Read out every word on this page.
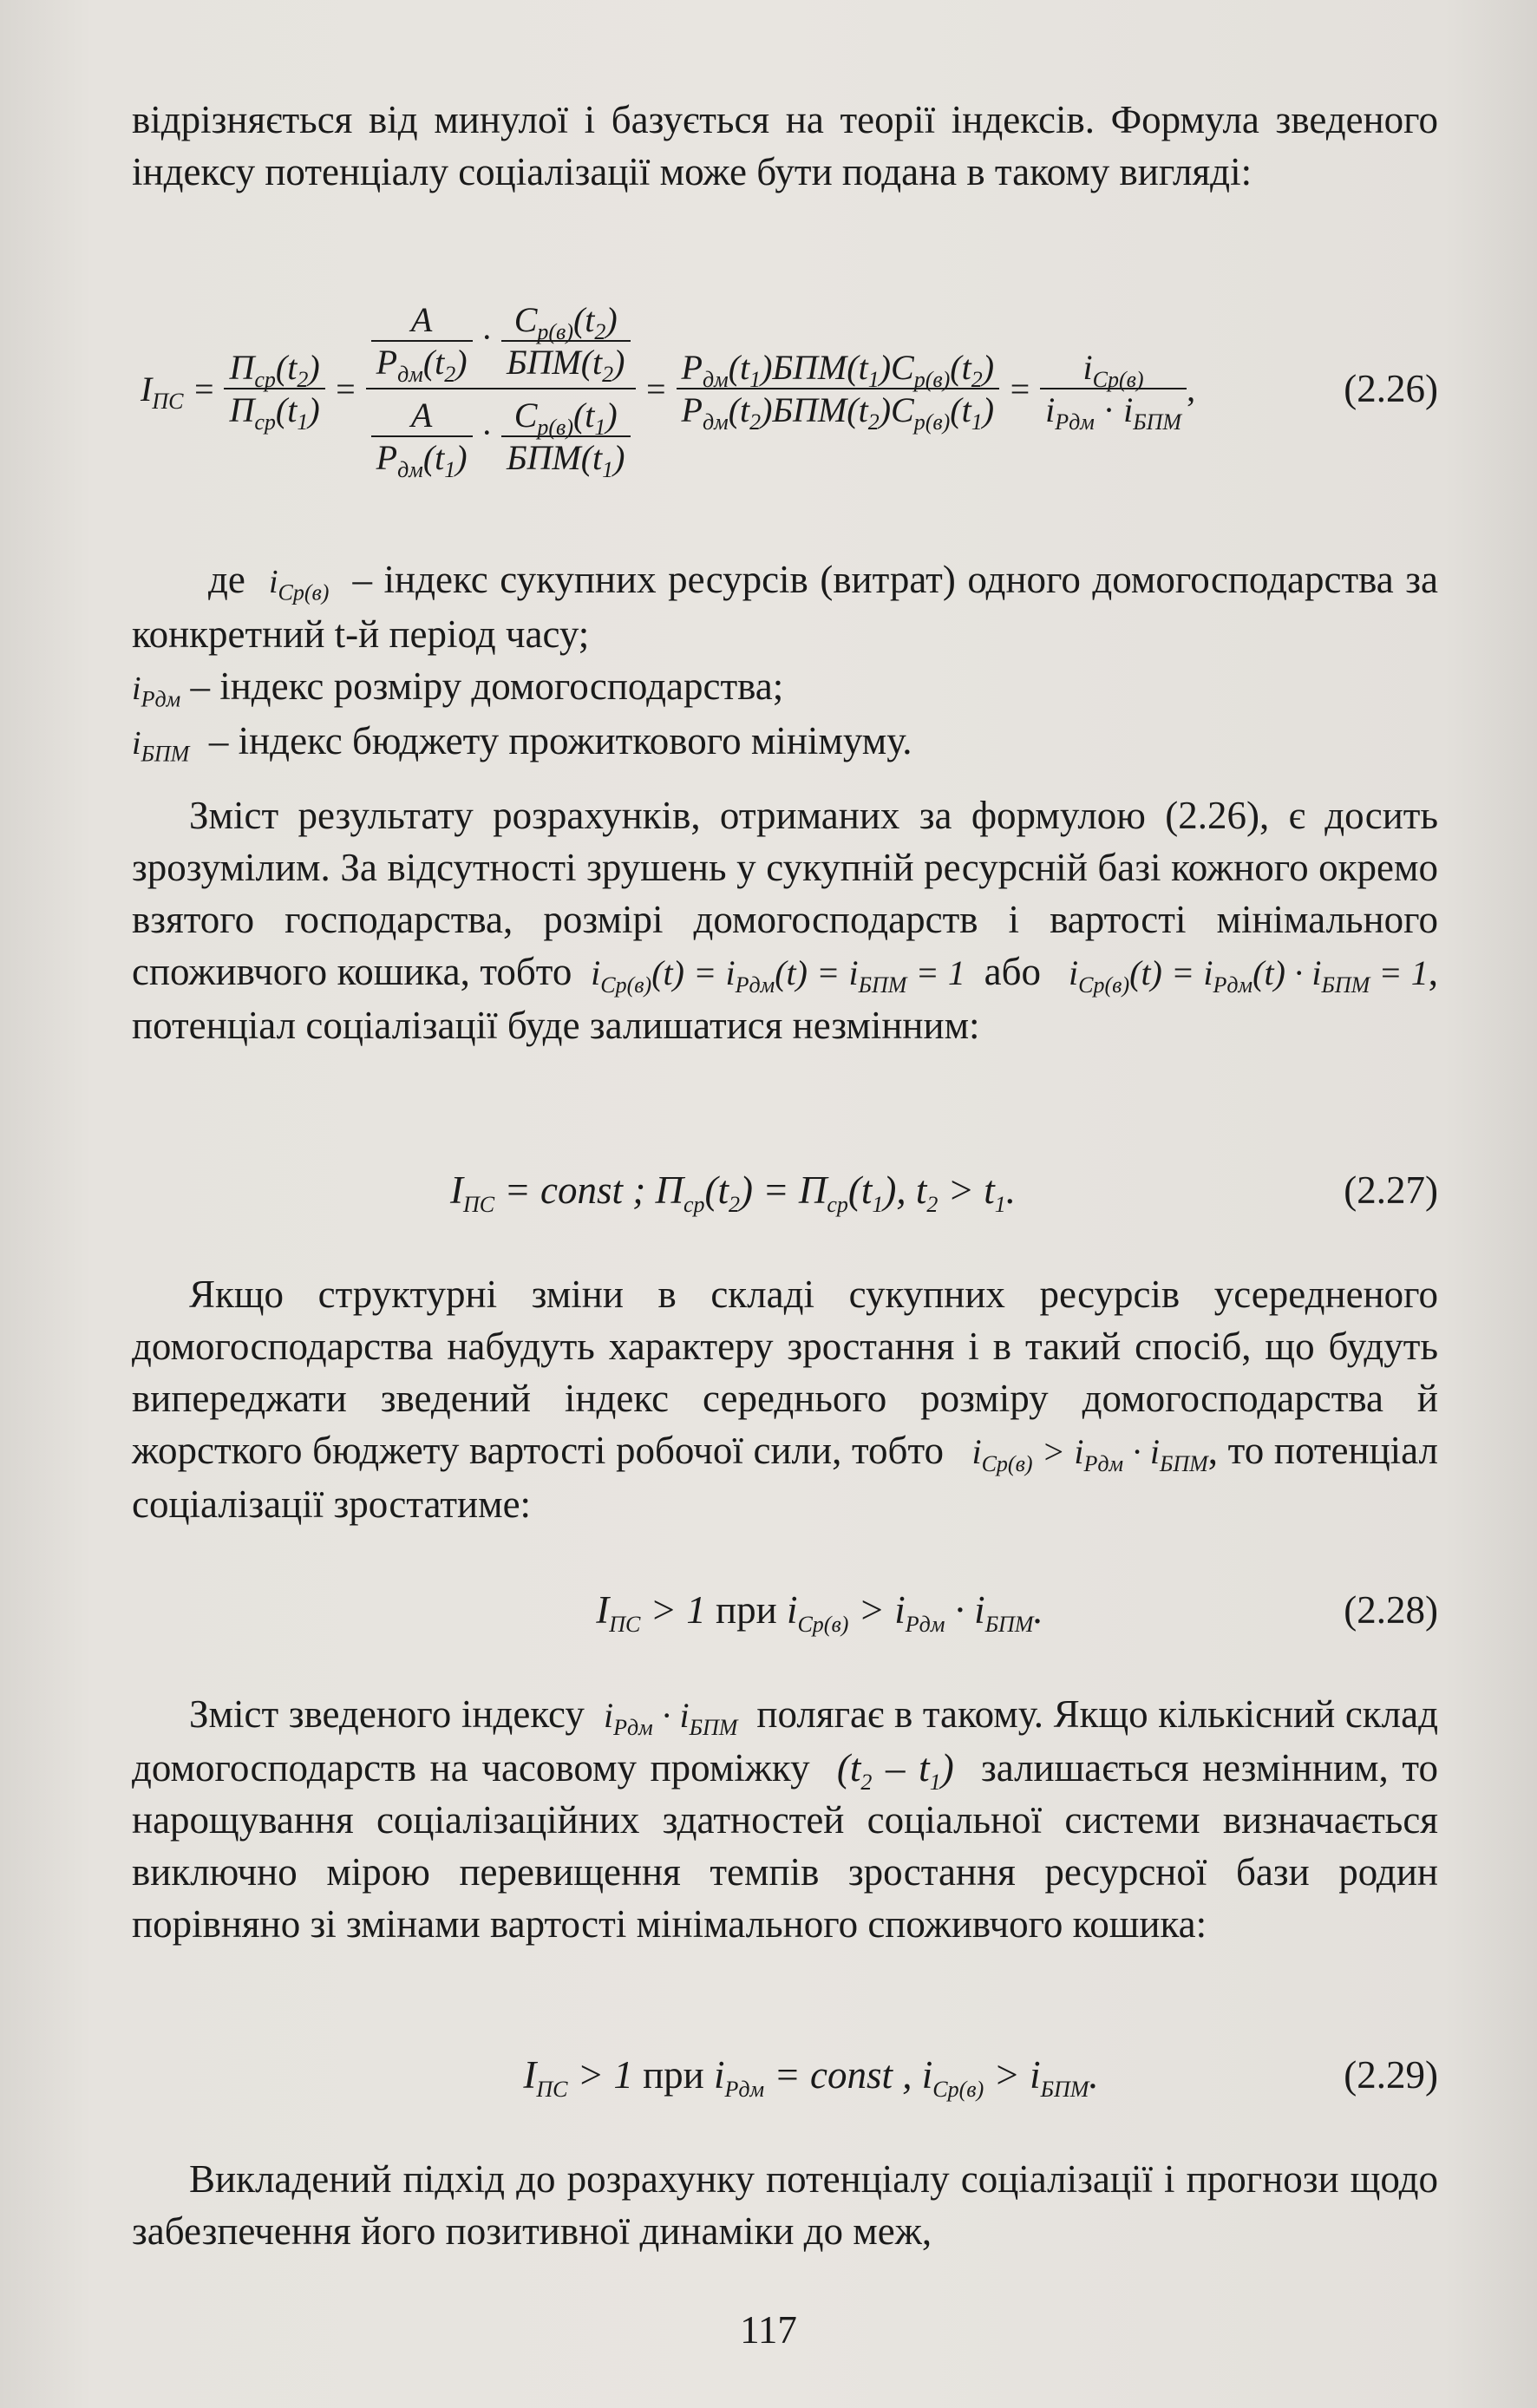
відрізняється від минулої і базується на теорії індексів. Формула зведеного індексу потенціалу соціалізації може бути подана в такому вигляді:

$I_{ПС} = \frac{П_{ср}(t_2)}{П_{ср}(t_1)} = \frac{\frac{A}{P_{дм}(t_2)} \cdot \frac{C_{р(в)}(t_2)}{БПМ(t_2)}}{\frac{A}{P_{дм}(t_1)} \cdot \frac{C_{р(в)}(t_1)}{БПМ(t_1)}} = \frac{P_{дм}(t_1)БПМ(t_1)C_{р(в)}(t_2)}{P_{дм}(t_2)БПМ(t_2)C_{р(в)}(t_1)} = \frac{i_{Cр(в)}}{i_{Pдм} \cdot i_{БПМ}}$ ,	(2.26)

де $i_{Cр(в)}$ – індекс сукупних ресурсів (витрат) одного домогосподарства за конкретний t-й період часу;

$i_{Pдм}$ – індекс розміру домогосподарства;

$i_{БПМ}$ – індекс бюджету прожиткового мінімуму.

Зміст результату розрахунків, отриманих за формулою (2.26), є досить зрозумілим. За відсутності зрушень у сукупній ресурсній базі кожного окремо взятого господарства, розмірі домогосподарств і вартості мінімального споживчого кошика, тобто  $i_{Cр(в)}(t) = i_{Pдм}(t) = i_{БПМ} = 1$  або   $i_{Cр(в)}(t) = i_{Pдм}(t) \cdot i_{БПМ} = 1$, потенціал соціалізації буде залишатися незмінним:

$I_{ПС}$ = const ; $П_{ср}(t_2) = П_{ср}(t_1)$, $t_2 > t_1$.	(2.27)

Якщо структурні зміни в складі сукупних ресурсів усередненого домогосподарства набудуть характеру зростання і в такий спосіб, що будуть випереджати зведений індекс середнього розміру домогосподарства й жорсткого бюджету вартості робочої сили, тобто   $i_{Cр(в)} > i_{Pдм} \cdot i_{БПМ}$, то потенціал соціалізації зростатиме:

$I_{ПС} > 1$ при $i_{Cр(в)} > i_{Pдм} \cdot i_{БПМ}$.	(2.28)

Зміст зведеного індексу  $i_{Pдм} \cdot i_{БПМ}$ полягає в такому. Якщо кількісний склад домогосподарств на часовому проміжку  $(t_2 - t_1)$  залишається незмінним, то нарощування соціалізаційних здатностей соціальної системи визначається виключно мірою перевищення темпів зростання ресурсної бази родин порівняно зі змінами вартості мінімального споживчого кошика:

$I_{ПС} > 1$ при $i_{Pдм}$ = const , $i_{Cр(в)} > i_{БПМ}$.	(2.29)

Викладений підхід до розрахунку потенціалу соціалізації і прогнози щодо забезпечення його позитивної динаміки до меж,

117
